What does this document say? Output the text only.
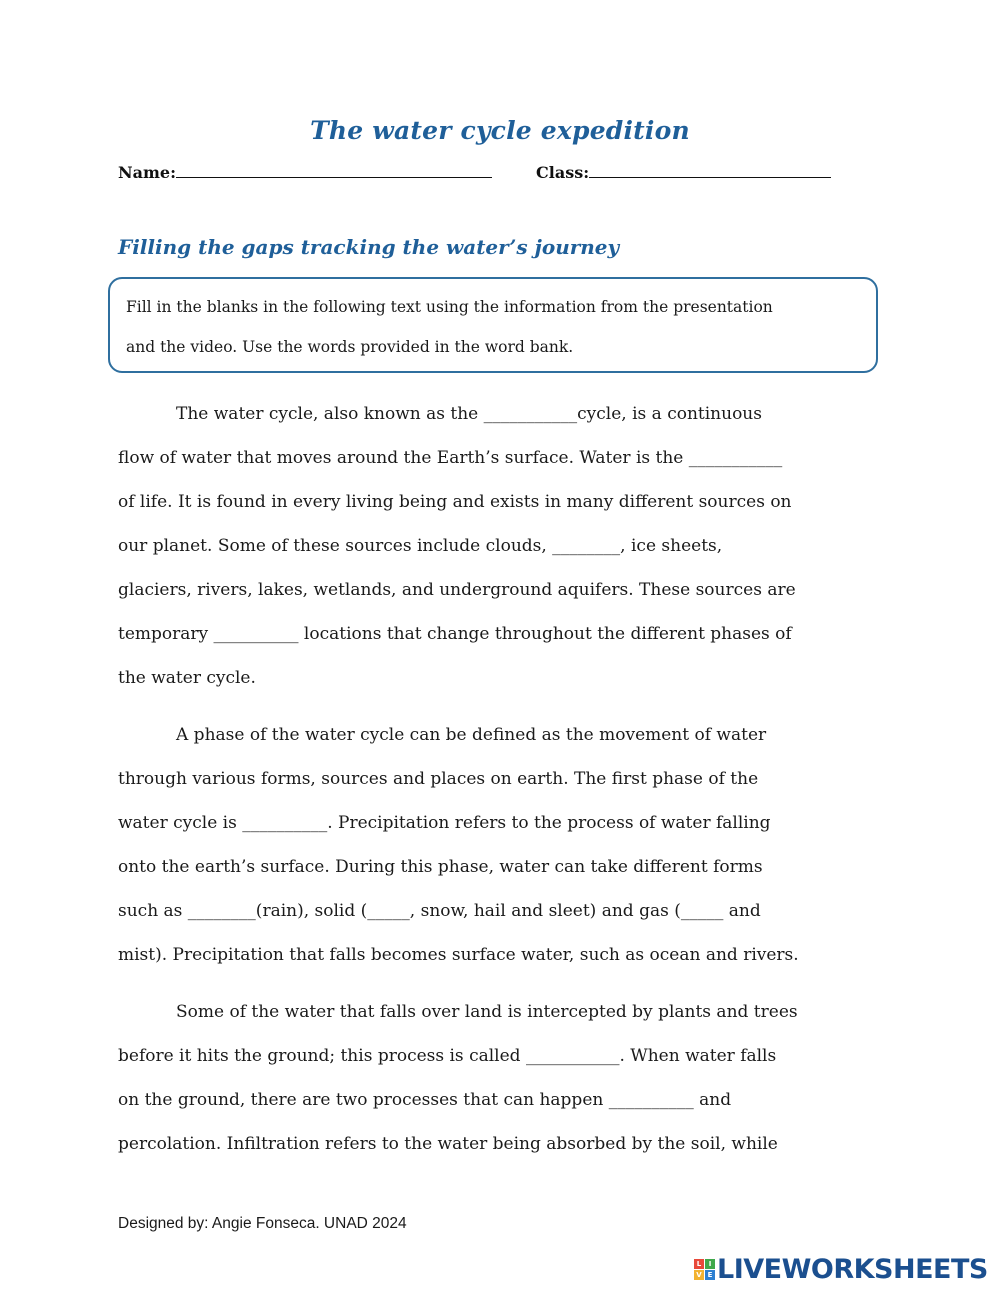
The water cycle expedition
Name:	Class:
Filling the gaps tracking the water’s journey

Fill in the blanks in the following text using the information from the presentation

and the video. Use the words provided in the word bank.

The water cycle, also known as the ___________cycle, is a continuous
flow of water that moves around the Earth’s surface. Water is the ___________
of life. It is found in every living being and exists in many different sources on
our planet. Some of these sources include clouds, ________, ice sheets,
glaciers, rivers, lakes, wetlands, and underground aquifers. These sources are
temporary __________ locations that change throughout the different phases of
the water cycle.
A phase of the water cycle can be defined as the movement of water
through various forms, sources and places on earth. The first phase of the
water cycle is __________. Precipitation refers to the process of water falling
onto the earth’s surface. During this phase, water can take different forms
such as ________(rain), solid (_____, snow, hail and sleet) and gas (_____ and
mist). Precipitation that falls becomes surface water, such as ocean and rivers.
Some of the water that falls over land is intercepted by plants and trees
before it hits the ground; this process is called ___________. When water falls
on the ground, there are two processes that can happen __________ and
percolation. Infiltration refers to the water being absorbed by the soil, while
Designed by: Angie Fonseca. UNAD 2024
L	I
V E LIVEWORKSHEETS
